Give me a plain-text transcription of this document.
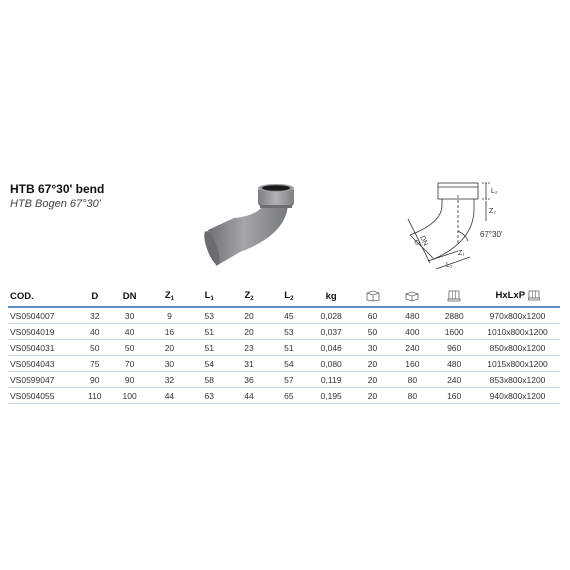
HTB 67°30' bend
HTB Bogen 67°30'
L₂
Z₂
D
DN
Z₁
L₁
67°30'
COD.	D	DN	$Z_1$	$L_1$	$Z_2$	$L_2$	kg				HxLxP
VS0504007	32	30	9	53	20	45	0,028	60	480	2880	970x800x1200
VS0504019	40	40	16	51	20	53	0,037	50	400	1600	1010x800x1200
VS0504031	50	50	20	51	23	51	0,046	30	240	960	850x800x1200
VS0504043	75	70	30	54	31	54	0,080	20	160	480	1015x800x1200
VS0599047	90	90	32	58	36	57	0,119	20	80	240	853x800x1200
VS0504055	110	100	44	63	44	65	0,195	20	80	160	940x800x1200
